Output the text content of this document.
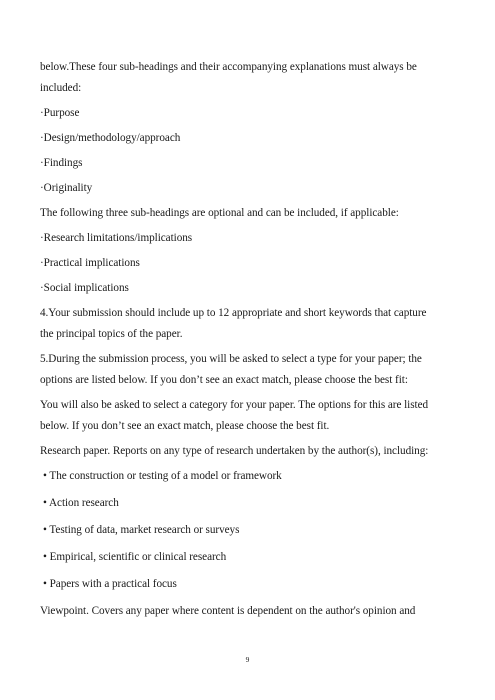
below.These four sub-headings and their accompanying explanations must always be

included:

·Purpose

·Design/methodology/approach

·Findings

·Originality

The following three sub-headings are optional and can be included, if applicable:

·Research limitations/implications

·Practical implications

·Social implications

4.Your submission should include up to 12 appropriate and short keywords that capture

the principal topics of the paper.

5.During the submission process, you will be asked to select a type for your paper; the

options are listed below. If you don’t see an exact match, please choose the best fit:

You will also be asked to select a category for your paper. The options for this are listed

below. If you don’t see an exact match, please choose the best fit.

Research paper. Reports on any type of research undertaken by the author(s), including:

• The construction or testing of a model or framework

• Action research

• Testing of data, market research or surveys

• Empirical, scientific or clinical research

• Papers with a practical focus

Viewpoint. Covers any paper where content is dependent on the author's opinion and

9
